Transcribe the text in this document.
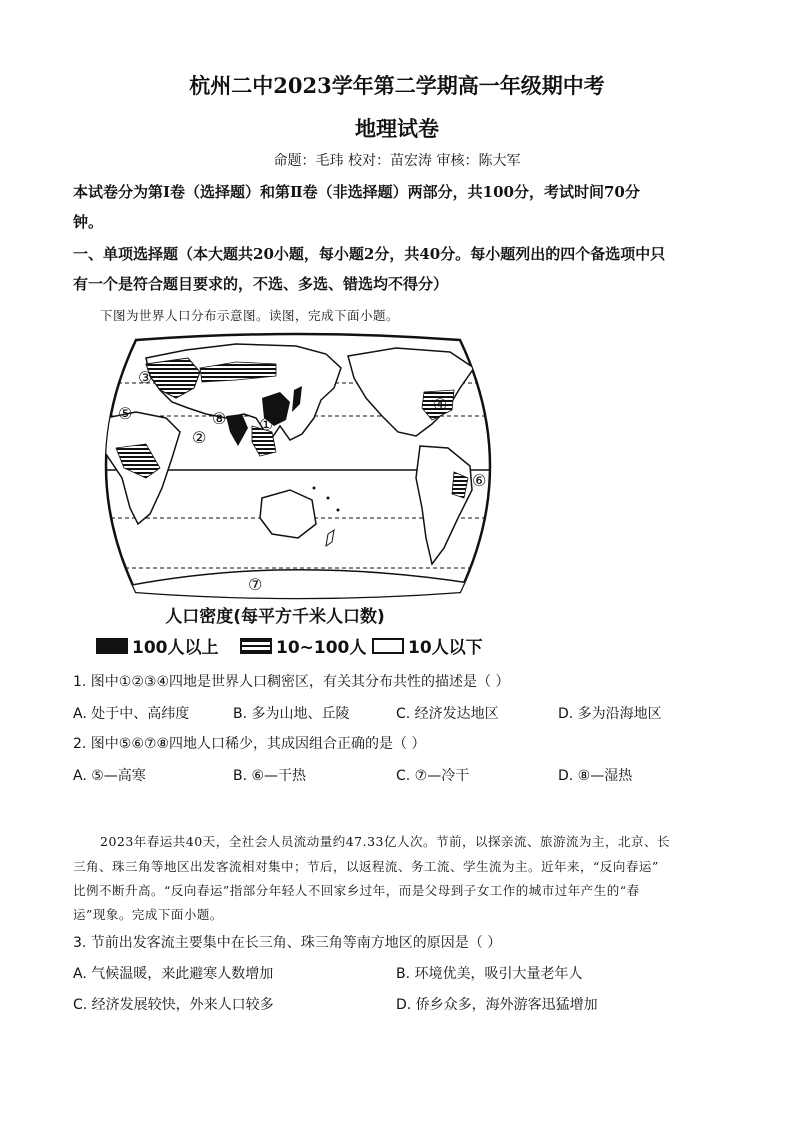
杭州二中2023学年第二学期高一年级期中考
地理试卷
命题：毛玮 校对：苗宏涛 审核：陈大军
本试卷分为第Ⅰ卷（选择题）和第Ⅱ卷（非选择题）两部分，共100分，考试时间70分
钟。
一、单项选择题（本大题共20小题，每小题2分，共40分。每小题列出的四个备选项中只
有一个是符合题目要求的，不选、多选、错选均不得分）
下图为世界人口分布示意图。读图，完成下面小题。
①
②
③
④
⑤
⑥
⑦
⑧
人口密度(每平方千米人口数)
100人以上	10~100人 10人以下
1. 图中①②③④四地是世界人口稠密区，有关其分布共性的描述是（ ）
A. 处于中、高纬度	B. 多为山地、丘陵	C. 经济发达地区	D. 多为沿海地区
2. 图中⑤⑥⑦⑧四地人口稀少，其成因组合正确的是（ ）
A. ⑤—高寒	B. ⑥—干热	C. ⑦—冷干	D. ⑧—湿热
2023年春运共40天，全社会人员流动量约47.33亿人次。节前，以探亲流、旅游流为主，北京、长
三角、珠三角等地区出发客流相对集中；节后，以返程流、务工流、学生流为主。近年来，“反向春运”
比例不断升高。“反向春运”指部分年轻人不回家乡过年，而是父母到子女工作的城市过年产生的“春
运”现象。完成下面小题。
3. 节前出发客流主要集中在长三角、珠三角等南方地区的原因是（ ）
A. 气候温暖，来此避寒人数增加	B. 环境优美，吸引大量老年人
C. 经济发展较快，外来人口较多	D. 侨乡众多，海外游客迅猛增加
